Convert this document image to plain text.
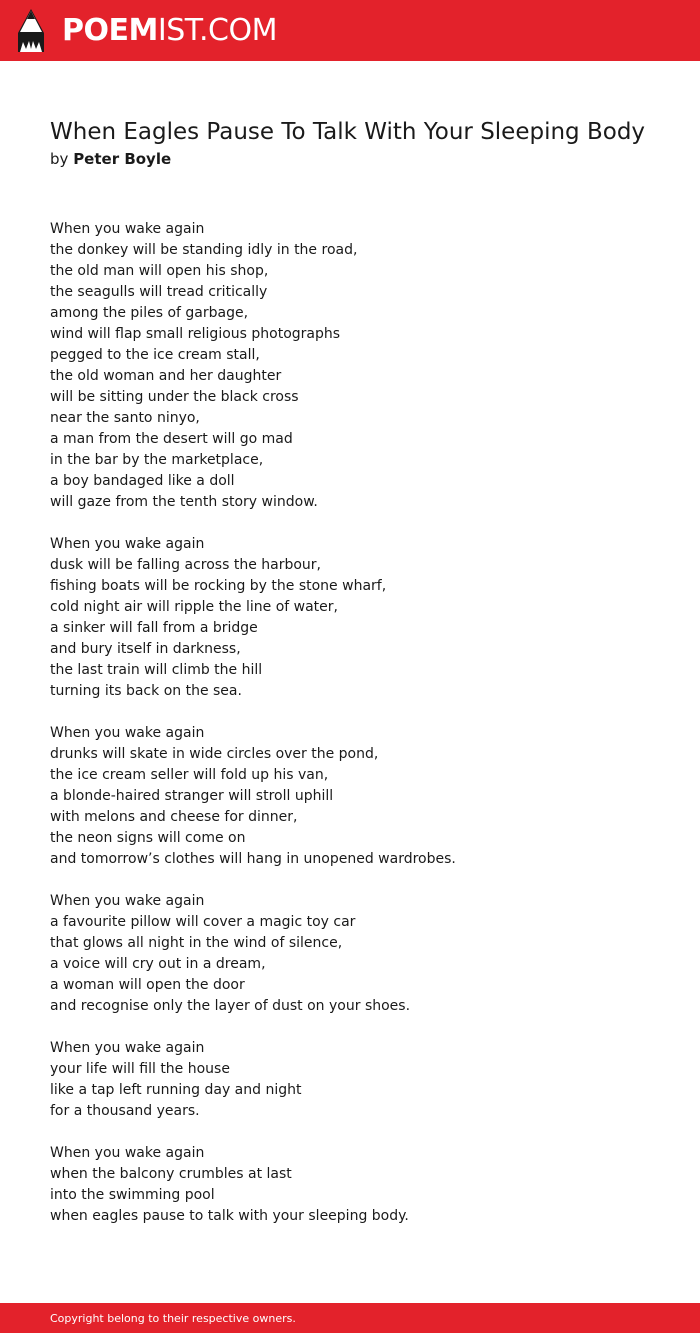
POEMIST.COM
When Eagles Pause To Talk With Your Sleeping Body
by Peter Boyle
When you wake again
the donkey will be standing idly in the road,
the old man will open his shop,
the seagulls will tread critically
among the piles of garbage,
wind will flap small religious photographs
pegged to the ice cream stall,
the old woman and her daughter
will be sitting under the black cross
near the santo ninyo,
a man from the desert will go mad
in the bar by the marketplace,
a boy bandaged like a doll
will gaze from the tenth story window.
When you wake again
dusk will be falling across the harbour,
fishing boats will be rocking by the stone wharf,
cold night air will ripple the line of water,
a sinker will fall from a bridge
and bury itself in darkness,
the last train will climb the hill
turning its back on the sea.
When you wake again
drunks will skate in wide circles over the pond,
the ice cream seller will fold up his van,
a blonde-haired stranger will stroll uphill
with melons and cheese for dinner,
the neon signs will come on
and tomorrow’s clothes will hang in unopened wardrobes.
When you wake again
a favourite pillow will cover a magic toy car
that glows all night in the wind of silence,
a voice will cry out in a dream,
a woman will open the door
and recognise only the layer of dust on your shoes.
When you wake again
your life will fill the house
like a tap left running day and night
for a thousand years.
When you wake again
when the balcony crumbles at last
into the swimming pool
when eagles pause to talk with your sleeping body.
Copyright belong to their respective owners.
